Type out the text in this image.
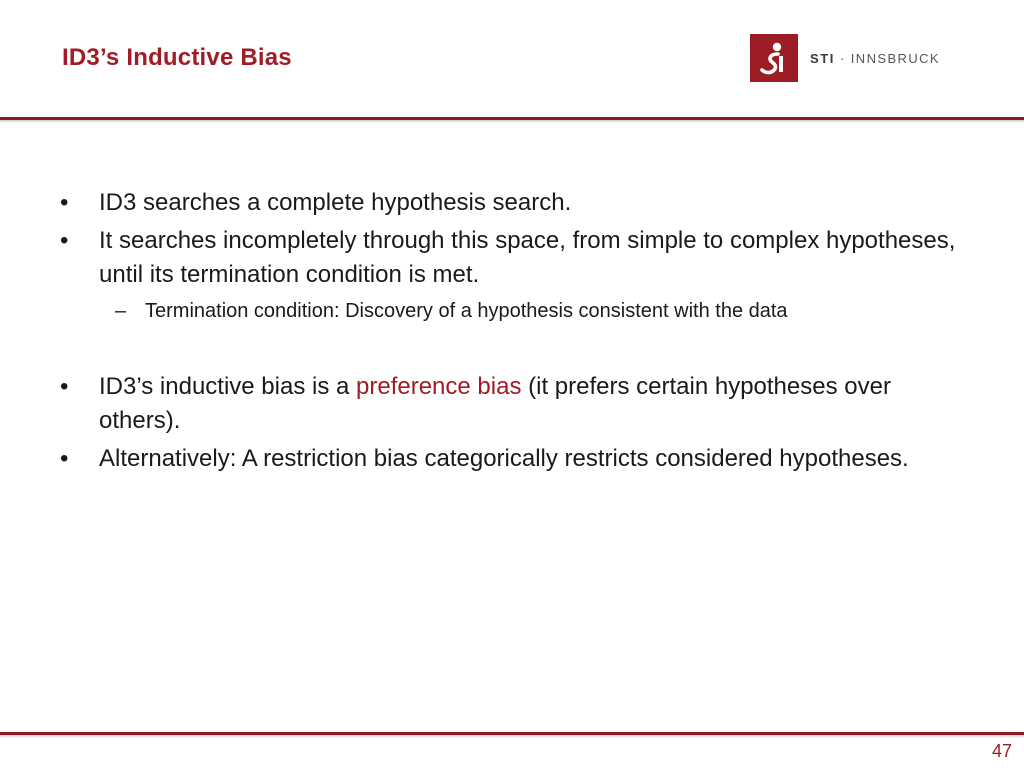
ID3’s Inductive Bias	STI · INNSBRUCK
• ID3 searches a complete hypothesis search.
• It searches incompletely through this space, from simple to complex hypotheses, until its termination condition is met.
– Termination condition: Discovery of a hypothesis consistent with the data
• ID3’s inductive bias is a preference bias (it prefers certain hypotheses over others).
• Alternatively: A restriction bias categorically restricts considered hypotheses.
47
